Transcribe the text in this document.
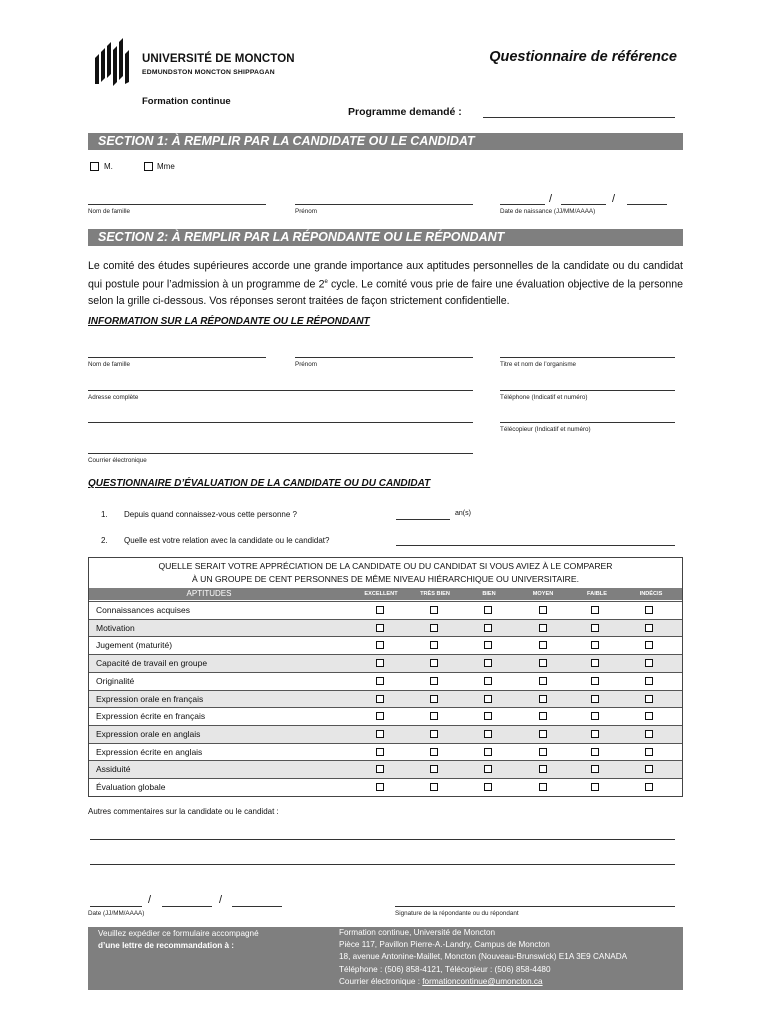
UNIVERSITÉ DE MONCTON
EDMUNDSTON MONCTON SHIPPAGAN
Formation continue
Questionnaire de référence
Programme demandé :
SECTION 1: À REMPLIR PAR LA CANDIDATE OU LE CANDIDAT
M.	Mme
Nom de famille	Prénom
/	/
Date de naissance (JJ/MM/AAAA)
SECTION 2: À REMPLIR PAR LA RÉPONDANTE OU LE RÉPONDANT
Le comité des études supérieures accorde une grande importance aux aptitudes personnelles de la candidate ou du candidat qui postule pour l’admission à un programme de 2e cycle. Le comité vous prie de faire une évaluation objective de la personne selon la grille ci-dessous. Vos réponses seront traitées de façon strictement confidentielle.
INFORMATION SUR LA RÉPONDANTE OU LE RÉPONDANT
Nom de famille	Prénom	Titre et nom de l’organisme
Adresse complète	Téléphone (Indicatif et numéro)
Télécopieur (Indicatif et numéro)
Courrier électronique
QUESTIONNAIRE D’ÉVALUATION DE LA CANDIDATE OU DU CANDIDAT
1. Depuis quand connaissez-vous cette personne ?	an(s)
2. Quelle est votre relation avec la candidate ou le candidat?
QUELLE SERAIT VOTRE APPRÉCIATION DE LA CANDIDATE OU DU CANDIDAT SI VOUS AVIEZ À LE COMPARER
À UN GROUPE DE CENT PERSONNES DE MÊME NIVEAU HIÉRARCHIQUE OU UNIVERSITAIRE.
APTITUDES	EXCELLENT	TRÈS BIEN	BIEN	MOYEN	FAIBLE	INDÉCIS
Connaissances acquises
Motivation
Jugement (maturité)
Capacité de travail en groupe
Originalité
Expression orale en français
Expression écrite en français
Expression orale en anglais
Expression écrite en anglais
Assiduité
Évaluation globale
Autres commentaires sur la candidate ou le candidat :
/	/
Date (JJ/MM/AAAA)	Signature de la répondante ou du répondant
Veuillez expédier ce formulaire accompagné
d’une lettre de recommandation à :
Formation continue, Université de Moncton
Pièce 117, Pavillon Pierre-A.-Landry, Campus de Moncton
18, avenue Antonine-Maillet, Moncton (Nouveau-Brunswick) E1A 3E9 CANADA
Téléphone : (506) 858-4121, Télécopieur : (506) 858-4480
Courrier électronique : formationcontinue@umoncton.ca
